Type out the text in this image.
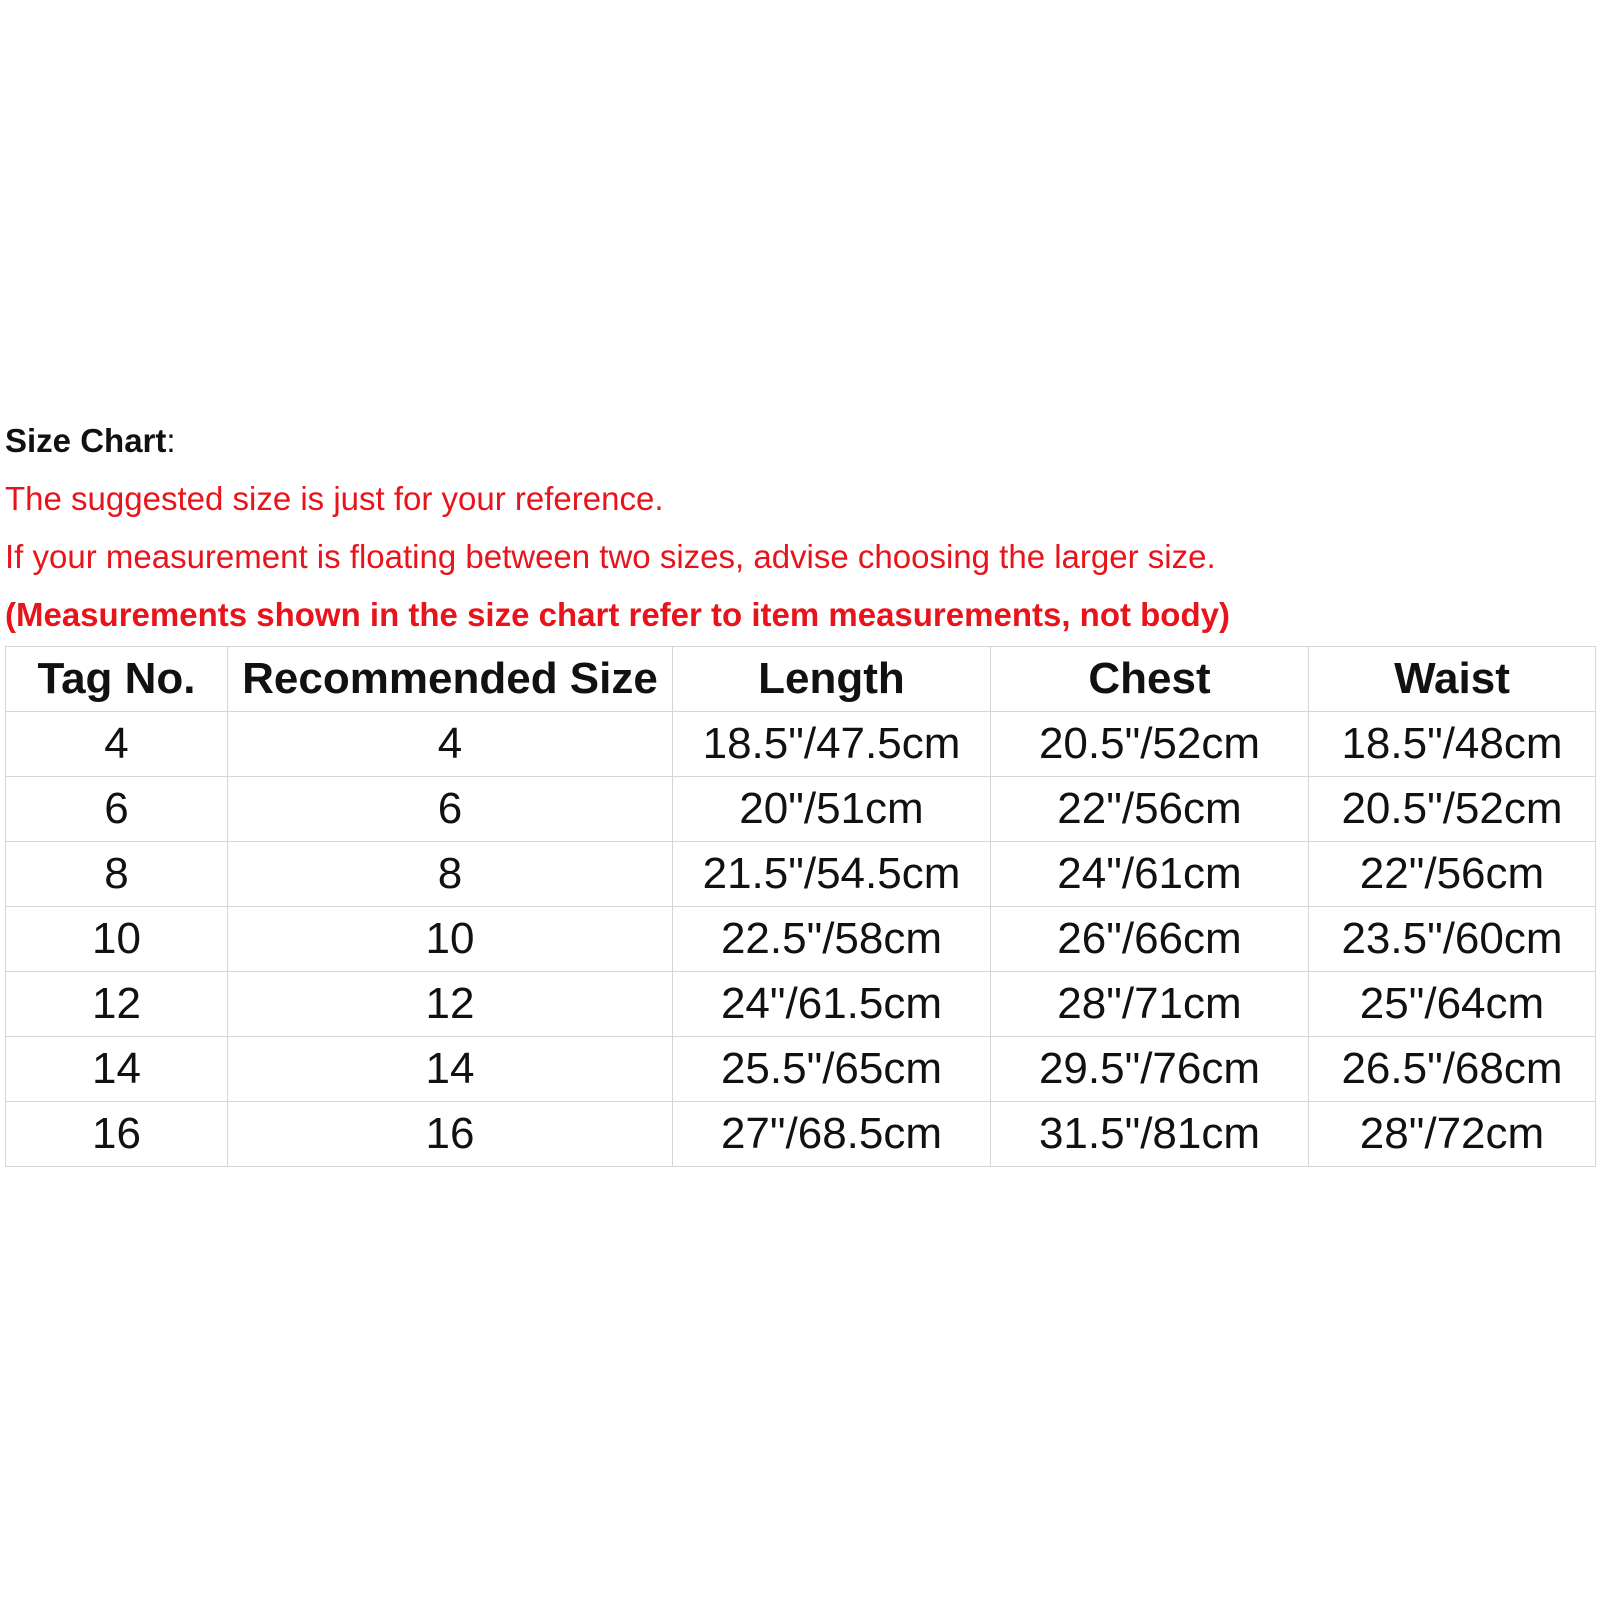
Size Chart:
The suggested size is just for your reference.
If your measurement is floating between two sizes, advise choosing the larger size.
(Measurements shown in the size chart refer to item measurements, not body)
Tag No.	Recommended Size	Length	Chest	Waist
4	4	18.5"/47.5cm	20.5"/52cm	18.5"/48cm
6	6	20"/51cm	22"/56cm	20.5"/52cm
8	8	21.5"/54.5cm	24"/61cm	22"/56cm
10	10	22.5"/58cm	26"/66cm	23.5"/60cm
12	12	24"/61.5cm	28"/71cm	25"/64cm
14	14	25.5"/65cm	29.5"/76cm	26.5"/68cm
16	16	27"/68.5cm	31.5"/81cm	28"/72cm
